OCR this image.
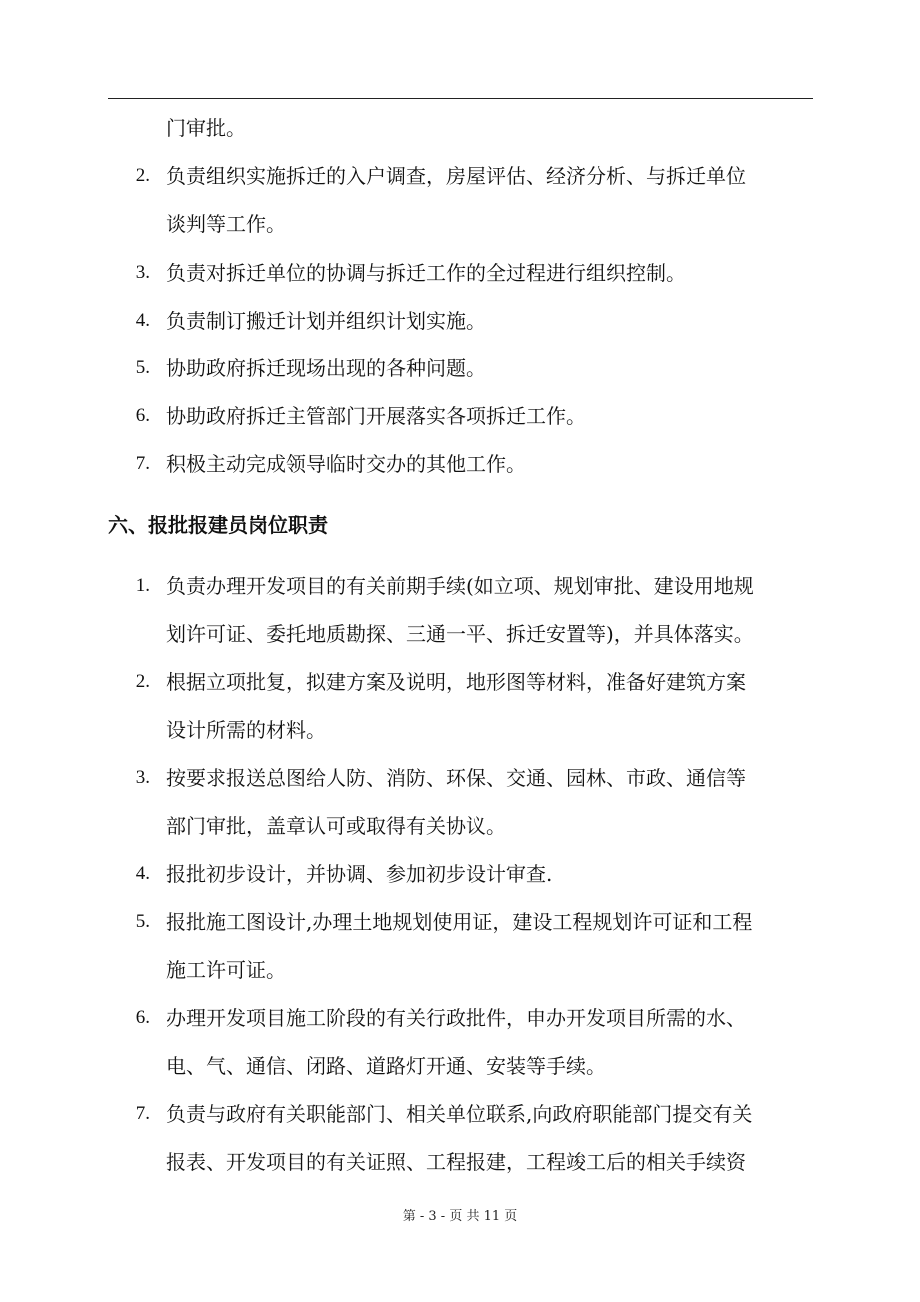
门审批。
2. 负责组织实施拆迁的入户调查，房屋评估、经济分析、与拆迁单位
谈判等工作。
3. 负责对拆迁单位的协调与拆迁工作的全过程进行组织控制。
4. 负责制订搬迁计划并组织计划实施。
5. 协助政府拆迁现场出现的各种问题。
6. 协助政府拆迁主管部门开展落实各项拆迁工作。
7. 积极主动完成领导临时交办的其他工作。
六、报批报建员岗位职责
1. 负责办理开发项目的有关前期手续(如立项、规划审批、建设用地规
划许可证、委托地质勘探、三通一平、拆迁安置等)，并具体落实。
2. 根据立项批复，拟建方案及说明，地形图等材料，准备好建筑方案
设计所需的材料。
3. 按要求报送总图给人防、消防、环保、交通、园林、市政、通信等
部门审批，盖章认可或取得有关协议。
4. 报批初步设计，并协调、参加初步设计审查.
5. 报批施工图设计,办理土地规划使用证，建设工程规划许可证和工程
施工许可证。
6. 办理开发项目施工阶段的有关行政批件，申办开发项目所需的水、
电、气、通信、闭路、道路灯开通、安装等手续。
7. 负责与政府有关职能部门、相关单位联系,向政府职能部门提交有关
报表、开发项目的有关证照、工程报建，工程竣工后的相关手续资
第 - 3 - 页 共 11 页
